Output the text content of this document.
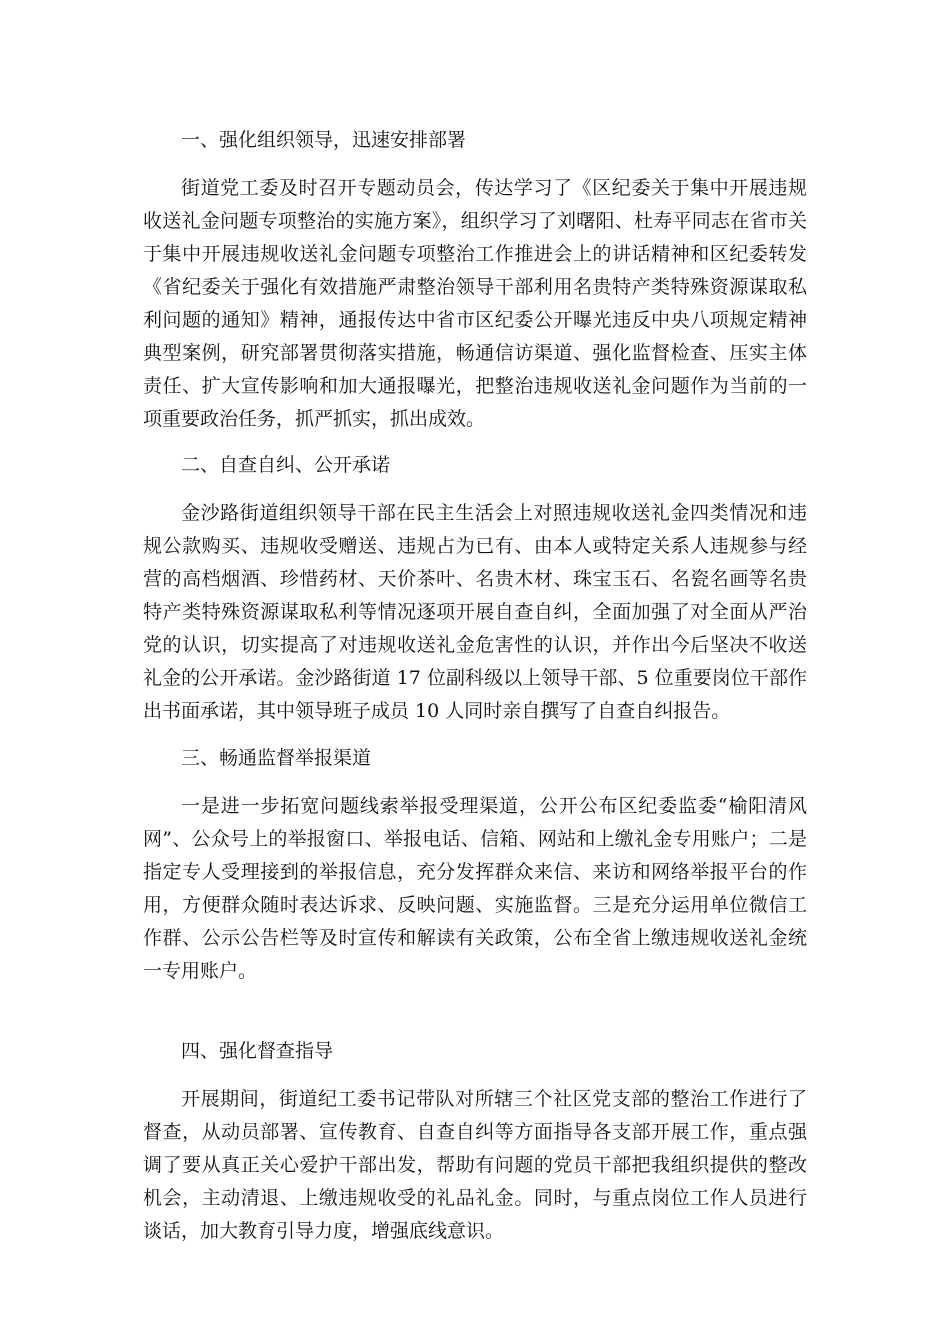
一、强化组织领导，迅速安排部署

街道党工委及时召开专题动员会，传达学习了《区纪委关于集中开展违规收送礼金问题专项整治的实施方案》，组织学习了刘曙阳、杜寿平同志在省市关于集中开展违规收送礼金问题专项整治工作推进会上的讲话精神和区纪委转发《省纪委关于强化有效措施严肃整治领导干部利用名贵特产类特殊资源谋取私利问题的通知》精神，通报传达中省市区纪委公开曝光违反中央八项规定精神典型案例，研究部署贯彻落实措施，畅通信访渠道、强化监督检查、压实主体责任、扩大宣传影响和加大通报曝光，把整治违规收送礼金问题作为当前的一项重要政治任务，抓严抓实，抓出成效。

二、自查自纠、公开承诺

金沙路街道组织领导干部在民主生活会上对照违规收送礼金四类情况和违规公款购买、违规收受赠送、违规占为已有、由本人或特定关系人违规参与经营的高档烟酒、珍惜药材、天价茶叶、名贵木材、珠宝玉石、名瓷名画等名贵特产类特殊资源谋取私利等情况逐项开展自查自纠，全面加强了对全面从严治党的认识，切实提高了对违规收送礼金危害性的认识，并作出今后坚决不收送礼金的公开承诺。金沙路街道 17 位副科级以上领导干部、5 位重要岗位干部作出书面承诺，其中领导班子成员 10 人同时亲自撰写了自查自纠报告。

三、畅通监督举报渠道

一是进一步拓宽问题线索举报受理渠道，公开公布区纪委监委“榆阳清风网”、公众号上的举报窗口、举报电话、信箱、网站和上缴礼金专用账户；二是指定专人受理接到的举报信息，充分发挥群众来信、来访和网络举报平台的作用，方便群众随时表达诉求、反映问题、实施监督。三是充分运用单位微信工作群、公示公告栏等及时宣传和解读有关政策，公布全省上缴违规收送礼金统一专用账户。

四、强化督查指导

开展期间，街道纪工委书记带队对所辖三个社区党支部的整治工作进行了督查，从动员部署、宣传教育、自查自纠等方面指导各支部开展工作，重点强调了要从真正关心爱护干部出发，帮助有问题的党员干部把我组织提供的整改机会，主动清退、上缴违规收受的礼品礼金。同时，与重点岗位工作人员进行谈话，加大教育引导力度，增强底线意识。
